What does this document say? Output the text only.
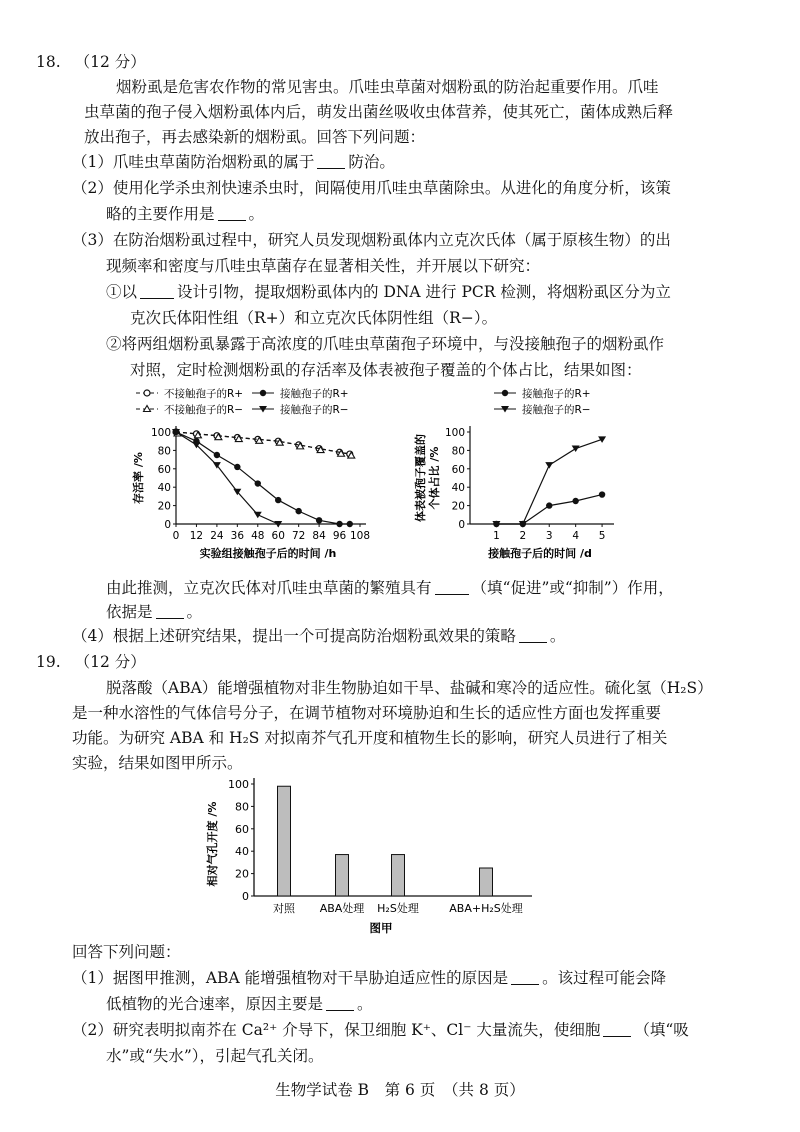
18. （12 分）
烟粉虱是危害农作物的常见害虫。爪哇虫草菌对烟粉虱的防治起重要作用。爪哇
虫草菌的孢子侵入烟粉虱体内后，萌发出菌丝吸收虫体营养，使其死亡，菌体成熟后释
放出孢子，再去感染新的烟粉虱。回答下列问题：
（1）爪哇虫草菌防治烟粉虱的属于 防治。
（2）使用化学杀虫剂快速杀虫时，间隔使用爪哇虫草菌除虫。从进化的角度分析，该策
略的主要作用是 。
（3）在防治烟粉虱过程中，研究人员发现烟粉虱体内立克次氏体（属于原核生物）的出
现频率和密度与爪哇虫草菌存在显著相关性，并开展以下研究：
①以	设计引物，提取烟粉虱体内的 DNA 进行 PCR 检测，将烟粉虱区分为立
克次氏体阳性组（R+）和立克次氏体阴性组（R−）。
②将两组烟粉虱暴露于高浓度的爪哇虫草菌孢子环境中，与没接触孢子的烟粉虱作
对照，定时检测烟粉虱的存活率及体表被孢子覆盖的个体占比，结果如图：
不接触孢子的R+
不接触孢子的R−
接触孢子的R+
接触孢子的R−
0 12 24 36 48 60 72 84 96 108
0
20
40
60
80
100
实验组接触孢子后的时间 /h
存活率 /%
接触孢子的R+
接触孢子的R−
1 2 3 4 5
0
20
40
60
80
100
接触孢子后的时间 /d
体表被孢子覆盖的 个体占比 /%
由此推测，立克次氏体对爪哇虫草菌的繁殖具有	（填“促进”或“抑制”）作用，
依据是 。
（4）根据上述研究结果，提出一个可提高防治烟粉虱效果的策略 。
19. （12 分）
脱落酸（ABA）能增强植物对非生物胁迫如干旱、盐碱和寒冷的适应性。硫化氢（H₂S）
是一种水溶性的气体信号分子，在调节植物对环境胁迫和生长的适应性方面也发挥重要
功能。为研究 ABA 和 H₂S 对拟南芥气孔开度和植物生长的影响，研究人员进行了相关
实验，结果如图甲所示。
0
20
40
60
80
100
相对气孔开度 /%
对照 ABA处理 H₂S处理	ABA+H₂S处理
图甲
回答下列问题：
（1）据图甲推测，ABA 能增强植物对干旱胁迫适应性的原因是 。该过程可能会降
低植物的光合速率，原因主要是 。
（2）研究表明拟南芥在 Ca²⁺ 介导下，保卫细胞 K⁺、Cl⁻ 大量流失，使细胞 （填“吸
水”或“失水”），引起气孔关闭。
生物学试卷 B　第 6 页　（共 8 页）
